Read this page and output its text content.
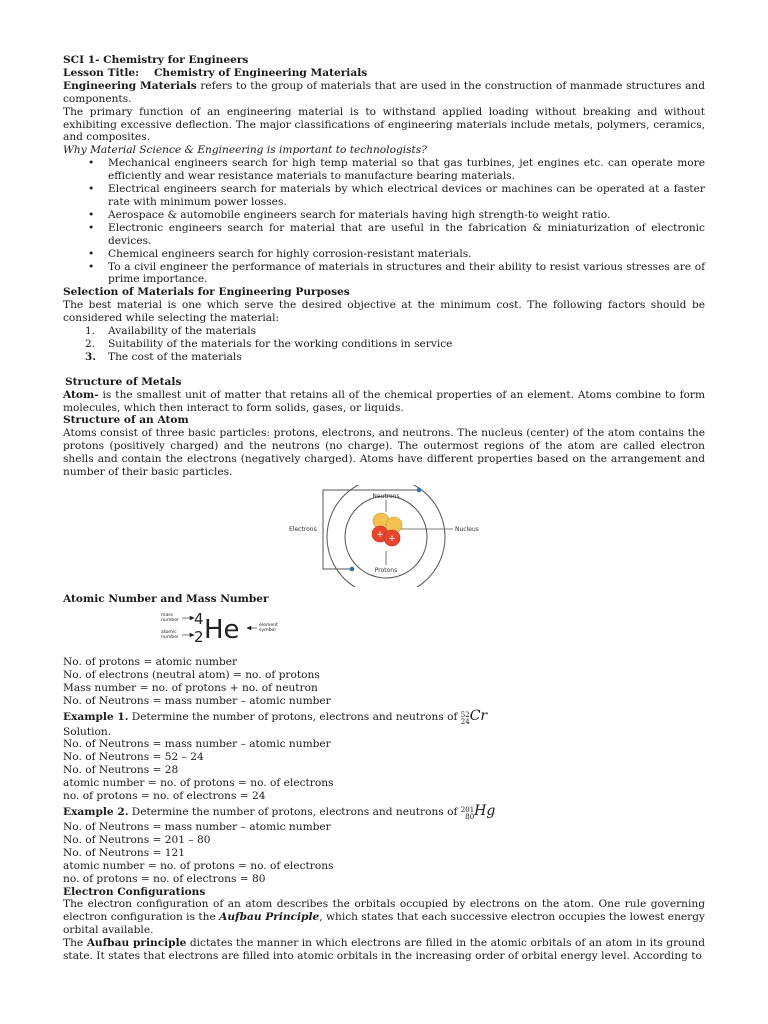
SCI 1- Chemistry for Engineers

Lesson Title: Chemistry of Engineering Materials

Engineering Materials refers to the group of materials that are used in the construction of manmade structures and components.

The primary function of an engineering material is to withstand applied loading without breaking and without exhibiting excessive deflection. The major classifications of engineering materials include metals, polymers, ceramics, and composites.

Why Material Science & Engineering is important to technologists?

• Mechanical engineers search for high temp material so that gas turbines, jet engines etc. can operate more efficiently and wear resistance materials to manufacture bearing materials.
• Electrical engineers search for materials by which electrical devices or machines can be operated at a faster rate with minimum power losses.
• Aerospace & automobile engineers search for materials having high strength-to weight ratio.
• Electronic engineers search for material that are useful in the fabrication & miniaturization of electronic devices.
• Chemical engineers search for highly corrosion-resistant materials.
• To a civil engineer the performance of materials in structures and their ability to resist various stresses are of prime importance.

Selection of Materials for Engineering Purposes

The best material is one which serve the desired objective at the minimum cost. The following factors should be considered while selecting the material:

1. Availability of the materials
2. Suitability of the materials for the working conditions in service
3. The cost of the materials

Structure of Metals

Atom- is the smallest unit of matter that retains all of the chemical properties of an element. Atoms combine to form molecules, which then interact to form solids, gases, or liquids.

Structure of an Atom

Atoms consist of three basic particles: protons, electrons, and neutrons. The nucleus (center) of the atom contains the protons (positively charged) and the neutrons (no charge). The outermost regions of the atom are called electron shells and contain the electrons (negatively charged). Atoms have different properties based on the arrangement and number of their basic particles.

+ +
Neutrons
Electrons	Nucleus
Protons

Atomic Number and Mass Number

mass
number
atomic
number
element
symbol
4
2 He

No. of protons = atomic number

No. of electrons (neutral atom) = no. of protons

Mass number = no. of protons + no. of neutron

No. of Neutrons = mass number – atomic number

Example 1. Determine the number of protons, electrons and neutrons of 52
24Cr

Solution.

No. of Neutrons = mass number – atomic number

No. of Neutrons = 52 – 24

No. of Neutrons = 28

atomic number = no. of protons = no. of electrons

no. of protons = no. of electrons = 24

Example 2. Determine the number of protons, electrons and neutrons of 201
80Hg

No. of Neutrons = mass number – atomic number

No. of Neutrons = 201 – 80

No. of Neutrons = 121

atomic number = no. of protons = no. of electrons

no. of protons = no. of electrons = 80

Electron Configurations

The electron configuration of an atom describes the orbitals occupied by electrons on the atom. One rule governing electron configuration is the Aufbau Principle, which states that each successive electron occupies the lowest energy orbital available.

The Aufbau principle dictates the manner in which electrons are filled in the atomic orbitals of an atom in its ground state. It states that electrons are filled into atomic orbitals in the increasing order of orbital energy level. According to
